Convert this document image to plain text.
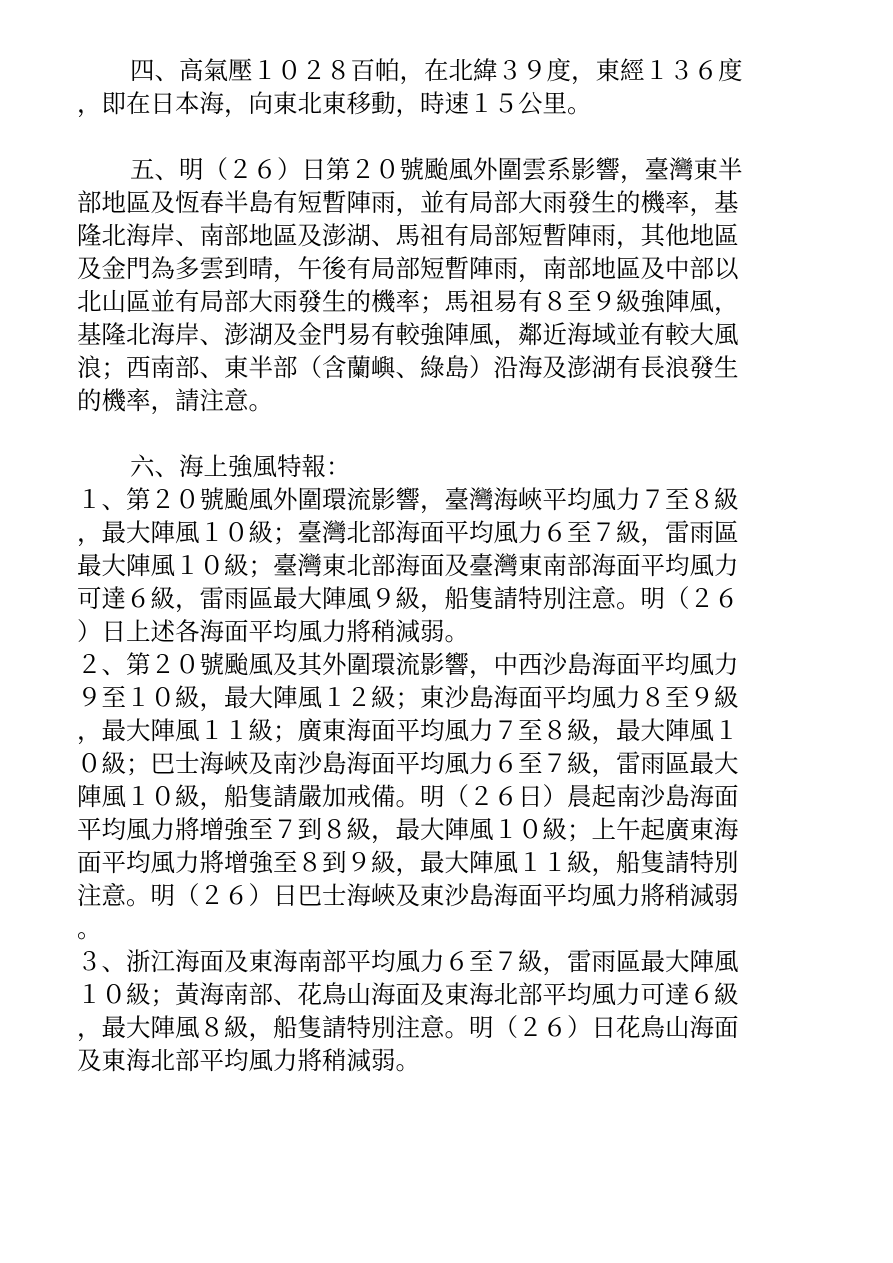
四、高氣壓１０２８百帕，在北緯３９度，東經１３６度
，即在日本海，向東北東移動，時速１５公里。
五、明（２６）日第２０號颱風外圍雲系影響，臺灣東半
部地區及恆春半島有短暫陣雨，並有局部大雨發生的機率，基
隆北海岸、南部地區及澎湖、馬祖有局部短暫陣雨，其他地區
及金門為多雲到晴，午後有局部短暫陣雨，南部地區及中部以
北山區並有局部大雨發生的機率；馬祖易有８至９級強陣風，
基隆北海岸、澎湖及金門易有較強陣風，鄰近海域並有較大風
浪；西南部、東半部（含蘭嶼、綠島）沿海及澎湖有長浪發生
的機率，請注意。
六、海上強風特報：
１、第２０號颱風外圍環流影響，臺灣海峽平均風力７至８級
，最大陣風１０級；臺灣北部海面平均風力６至７級，雷雨區
最大陣風１０級；臺灣東北部海面及臺灣東南部海面平均風力
可達６級，雷雨區最大陣風９級，船隻請特別注意。明（２６
）日上述各海面平均風力將稍減弱。
２、第２０號颱風及其外圍環流影響，中西沙島海面平均風力
９至１０級，最大陣風１２級；東沙島海面平均風力８至９級
，最大陣風１１級；廣東海面平均風力７至８級，最大陣風１
０級；巴士海峽及南沙島海面平均風力６至７級，雷雨區最大
陣風１０級，船隻請嚴加戒備。明（２６日）晨起南沙島海面
平均風力將增強至７到８級，最大陣風１０級；上午起廣東海
面平均風力將增強至８到９級，最大陣風１１級，船隻請特別
注意。明（２６）日巴士海峽及東沙島海面平均風力將稍減弱
。
３、浙江海面及東海南部平均風力６至７級，雷雨區最大陣風
１０級；黃海南部、花鳥山海面及東海北部平均風力可達６級
，最大陣風８級，船隻請特別注意。明（２６）日花鳥山海面
及東海北部平均風力將稍減弱。
